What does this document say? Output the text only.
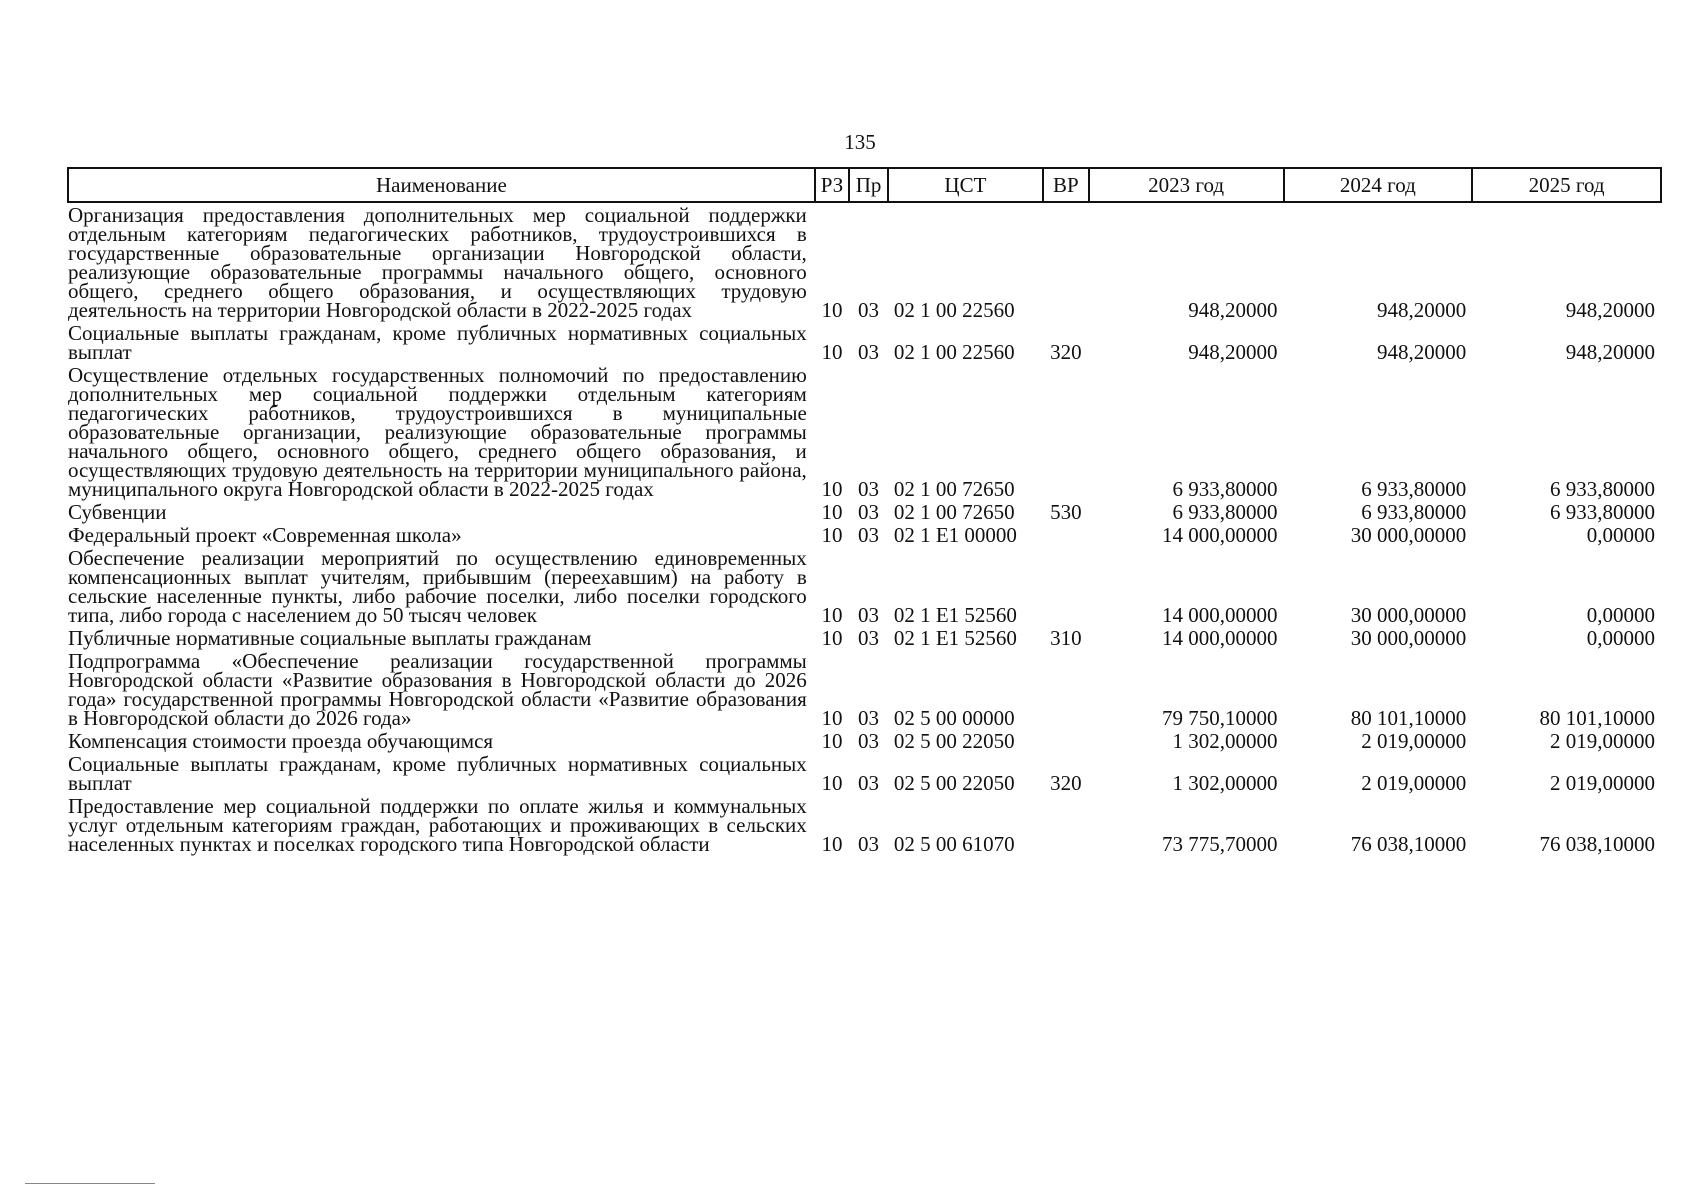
135
Наименование	РЗ	Пр	ЦСТ	ВР	2023 год	2024 год	2025 год
Организация предоставления дополнительных мер социальной поддержки отдельным категориям педагогических работников, трудоустроившихся в государственные образовательные организации Новгородской области, реализующие образовательные программы начального общего, основного общего, среднего общего образования, и осуществляющих трудовую деятельность на территории Новгородской области в 2022-2025 годах	10	03	02 1 00 22560		948,20000	948,20000	948,20000
Социальные выплаты гражданам, кроме публичных нормативных социальных выплат	10	03	02 1 00 22560	320	948,20000	948,20000	948,20000
Осуществление отдельных государственных полномочий по предоставлению дополнительных мер социальной поддержки отдельным категориям педагогических работников, трудоустроившихся в муниципальные образовательные организации, реализующие образовательные программы начального общего, основного общего, среднего общего образования, и осуществляющих трудовую деятельность на территории муниципального района, муниципального округа Новгородской области в 2022-2025 годах	10	03	02 1 00 72650		6 933,80000	6 933,80000	6 933,80000
Субвенции	10	03	02 1 00 72650	530	6 933,80000	6 933,80000	6 933,80000
Федеральный проект «Современная школа»	10	03	02 1 E1 00000		14 000,00000	30 000,00000	0,00000
Обеспечение реализации мероприятий по осуществлению единовременных компенсационных выплат учителям, прибывшим (переехавшим) на работу в сельские населенные пункты, либо рабочие поселки, либо поселки городского типа, либо города с населением до 50 тысяч человек	10	03	02 1 E1 52560		14 000,00000	30 000,00000	0,00000
Публичные нормативные социальные выплаты гражданам	10	03	02 1 E1 52560	310	14 000,00000	30 000,00000	0,00000
Подпрограмма «Обеспечение реализации государственной программы Новгородской области «Развитие образования в Новгородской области до 2026 года» государственной программы Новгородской области «Развитие образования в Новгородской области до 2026 года»	10	03	02 5 00 00000		79 750,10000	80 101,10000	80 101,10000
Компенсация стоимости проезда обучающимся	10	03	02 5 00 22050		1 302,00000	2 019,00000	2 019,00000
Социальные выплаты гражданам, кроме публичных нормативных социальных выплат	10	03	02 5 00 22050	320	1 302,00000	2 019,00000	2 019,00000
Предоставление мер социальной поддержки по оплате жилья и коммунальных услуг отдельным категориям граждан, работающих и проживающих в сельских населенных пунктах и поселках городского типа Новгородской области	10	03	02 5 00 61070		73 775,70000	76 038,10000	76 038,10000
